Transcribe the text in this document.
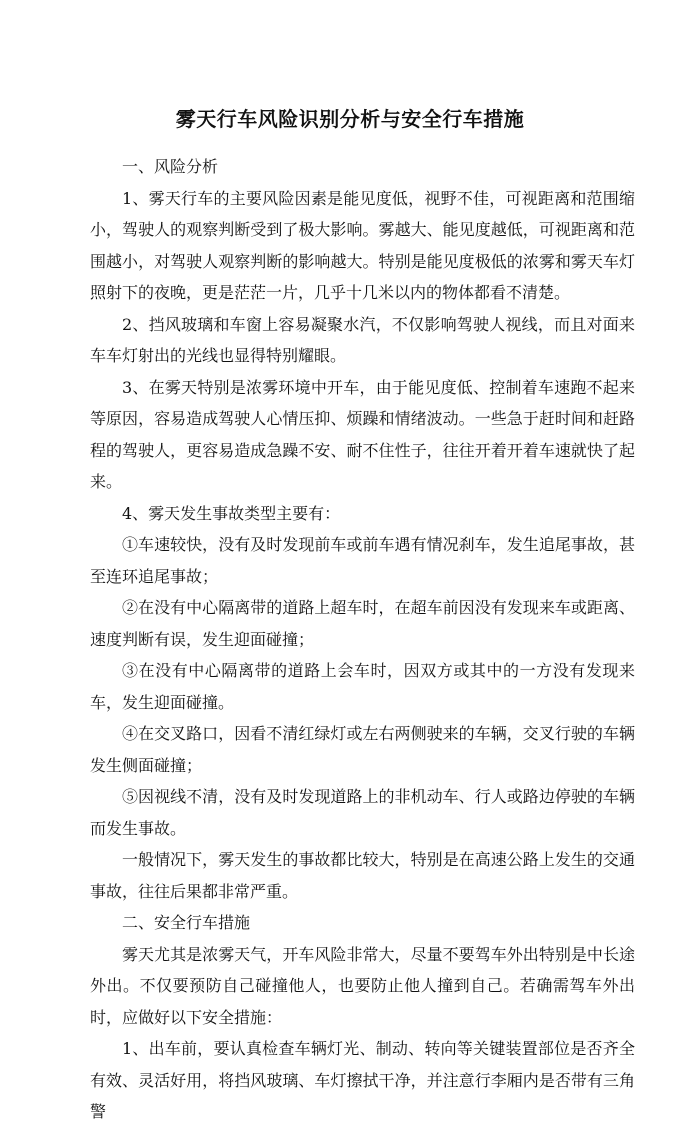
雾天行车风险识别分析与安全行车措施

一、风险分析

1、雾天行车的主要风险因素是能见度低，视野不佳，可视距离和范围缩小，驾驶人的观察判断受到了极大影响。雾越大、能见度越低，可视距离和范围越小，对驾驶人观察判断的影响越大。特别是能见度极低的浓雾和雾天车灯照射下的夜晚，更是茫茫一片，几乎十几米以内的物体都看不清楚。

2、挡风玻璃和车窗上容易凝聚水汽，不仅影响驾驶人视线，而且对面来车车灯射出的光线也显得特别耀眼。

3、在雾天特别是浓雾环境中开车，由于能见度低、控制着车速跑不起来等原因，容易造成驾驶人心情压抑、烦躁和情绪波动。一些急于赶时间和赶路程的驾驶人，更容易造成急躁不安、耐不住性子，往往开着开着车速就快了起来。

4、雾天发生事故类型主要有：

①车速较快，没有及时发现前车或前车遇有情况刹车，发生追尾事故，甚至连环追尾事故；

②在没有中心隔离带的道路上超车时，在超车前因没有发现来车或距离、速度判断有误，发生迎面碰撞；

③在没有中心隔离带的道路上会车时，因双方或其中的一方没有发现来车，发生迎面碰撞。

④在交叉路口，因看不清红绿灯或左右两侧驶来的车辆，交叉行驶的车辆发生侧面碰撞；

⑤因视线不清，没有及时发现道路上的非机动车、行人或路边停驶的车辆而发生事故。

一般情况下，雾天发生的事故都比较大，特别是在高速公路上发生的交通事故，往往后果都非常严重。

二、安全行车措施

雾天尤其是浓雾天气，开车风险非常大，尽量不要驾车外出特别是中长途外出。不仅要预防自己碰撞他人，也要防止他人撞到自己。若确需驾车外出时，应做好以下安全措施：

1、出车前，要认真检查车辆灯光、制动、转向等关键装置部位是否齐全有效、灵活好用，将挡风玻璃、车灯擦拭干净，并注意行李厢内是否带有三角警
